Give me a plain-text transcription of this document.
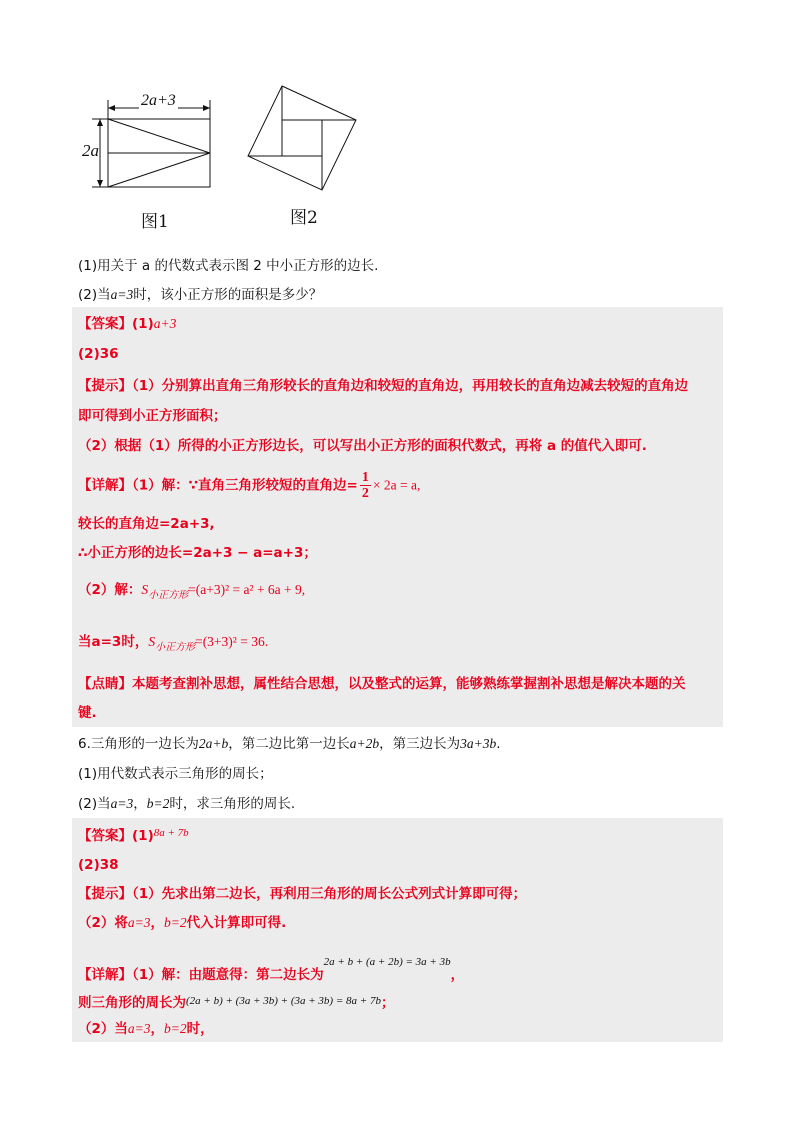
2a+3
2a
图1	图2
(1)用关于 a 的代数式表示图 2 中小正方形的边长.
(2)当a=3时，该小正方形的面积是多少？
【答案】(1)a+3
(2)36
【提示】（1）分别算出直角三角形较长的直角边和较短的直角边，再用较长的直角边减去较短的直角边
即可得到小正方形面积；
（2）根据（1）所得的小正方形边长，可以写出小正方形的面积代数式，再将 a 的值代入即可.
【详解】（1）解：∵直角三角形较短的直角边= $\frac{1}{2} \times 2a = a$,
较长的直角边=2a+3,
∴小正方形的边长=2a+3 − a=a+3；
（2）解：$S_{小正方形}=(a+3)^2 = a^2 + 6a + 9$,
当a=3时，$S_{小正方形}=(3+3)^2 = 36$.
【点睛】本题考查割补思想，属性结合思想，以及整式的运算，能够熟练掌握割补思想是解决本题的关
键.
6.三角形的一边长为2a+b，第二边比第一边长a+2b，第三边长为3a+3b.
(1)用代数式表示三角形的周长；
(2)当a=3，b=2时，求三角形的周长.
【答案】$(1)^{8a + 7b}$
(2)38
【提示】（1）先求出第二边长，再利用三角形的周长公式列式计算即可得；
（2）将a=3，b=2代入计算即可得.
【详解】（1）解：由题意得：第二边长为$^{2a + b + (a + 2b) = 3a + 3b}$，
则三角形的周长为$^{(2a + b) + (3a + 3b) + (3a + 3b) = 8a + 7b}$；
（2）当a=3，b=2时，
